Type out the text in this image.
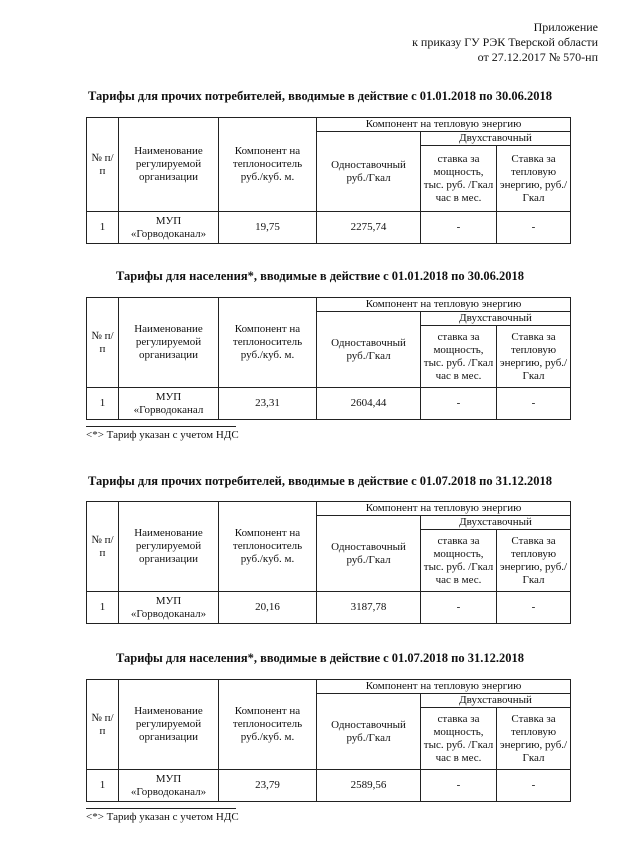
Приложение
к приказу ГУ РЭК Тверской области
от 27.12.2017 № 570-нп
Тарифы для прочих потребителей, вводимые в действие с 01.01.2018 по 30.06.2018
№ п/п	Наименование регулируемой организации	Компонент на теплоноситель руб./куб. м.	Компонент на тепловую энергию		
			Одноставочный руб./Гкал	Двухставочный	
				ставка за мощность, тыс. руб. /Гкал час в мес.	Ставка за тепловую энергию, руб./Гкал
1	МУП «Горводоканал»	19,75	2275,74	-	-
Тарифы для населения*, вводимые в действие с 01.01.2018 по 30.06.2018
№ п/п	Наименование регулируемой организации	Компонент на теплоноситель руб./куб. м.	Компонент на тепловую энергию		
			Одноставочный руб./Гкал	Двухставочный	
				ставка за мощность, тыс. руб. /Гкал час в мес.	Ставка за тепловую энергию, руб./Гкал
1	МУП «Горводоканал	23,31	2604,44	-	-
<*> Тариф указан с учетом НДС
Тарифы для прочих потребителей, вводимые в действие с 01.07.2018 по 31.12.2018
№ п/п	Наименование регулируемой организации	Компонент на теплоноситель руб./куб. м.	Компонент на тепловую энергию		
			Одноставочный руб./Гкал	Двухставочный	
				ставка за мощность, тыс. руб. /Гкал час в мес.	Ставка за тепловую энергию, руб./Гкал
1	МУП «Горводоканал»	20,16	3187,78	-	-
Тарифы для населения*, вводимые в действие с 01.07.2018 по 31.12.2018
№ п/п	Наименование регулируемой организации	Компонент на теплоноситель руб./куб. м.	Компонент на тепловую энергию		
			Одноставочный руб./Гкал	Двухставочный	
				ставка за мощность, тыс. руб. /Гкал час в мес.	Ставка за тепловую энергию, руб./Гкал
1	МУП «Горводоканал»	23,79	2589,56	-	-
<*> Тариф указан с учетом НДС
